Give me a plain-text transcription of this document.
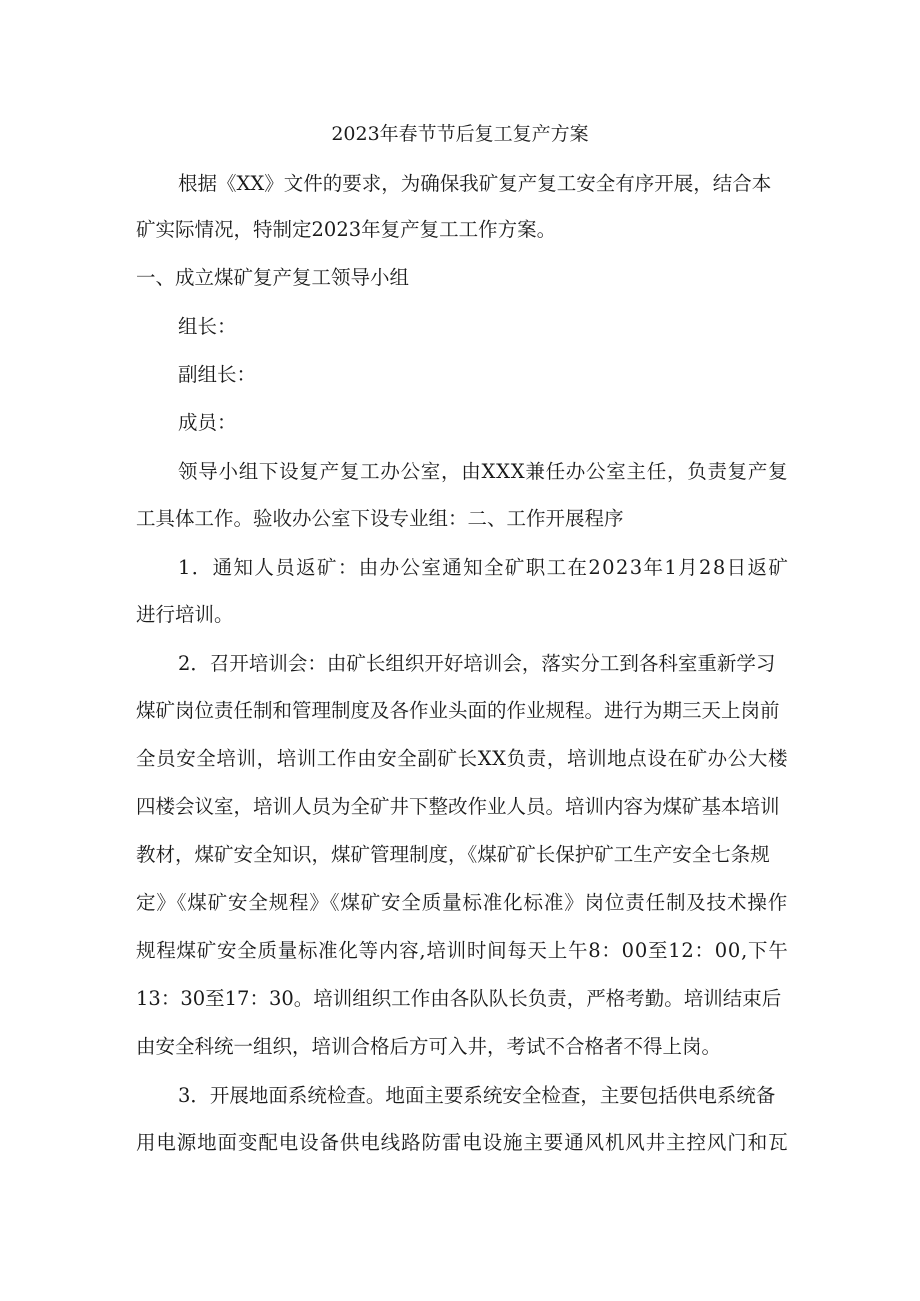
2023年春节节后复工复产方案
根据《XX》文件的要求，为确保我矿复产复工安全有序开展，结合本
矿实际情况，特制定2023年复产复工工作方案。
一、成立煤矿复产复工领导小组
组长：
副组长：
成员：
领导小组下设复产复工办公室，由XXX兼任办公室主任，负责复产复
工具体工作。验收办公室下设专业组：二、工作开展程序
1．通知人员返矿：由办公室通知全矿职工在2023年1月28日返矿
进行培训。
2．召开培训会：由矿长组织开好培训会，落实分工到各科室重新学习
煤矿岗位责任制和管理制度及各作业头面的作业规程。进行为期三天上岗前
全员安全培训，培训工作由安全副矿长XX负责，培训地点设在矿办公大楼
四楼会议室，培训人员为全矿井下整改作业人员。培训内容为煤矿基本培训
教材，煤矿安全知识，煤矿管理制度，《煤矿矿长保护矿工生产安全七条规
定》《煤矿安全规程》《煤矿安全质量标准化标准》岗位责任制及技术操作
规程煤矿安全质量标准化等内容,培训时间每天上午8：00至12：00,下午
13：30至17：30。培训组织工作由各队队长负责，严格考勤。培训结束后
由安全科统一组织，培训合格后方可入井，考试不合格者不得上岗。
3．开展地面系统检查。地面主要系统安全检查，主要包括供电系统备
用电源地面变配电设备供电线路防雷电设施主要通风机风井主控风门和瓦
